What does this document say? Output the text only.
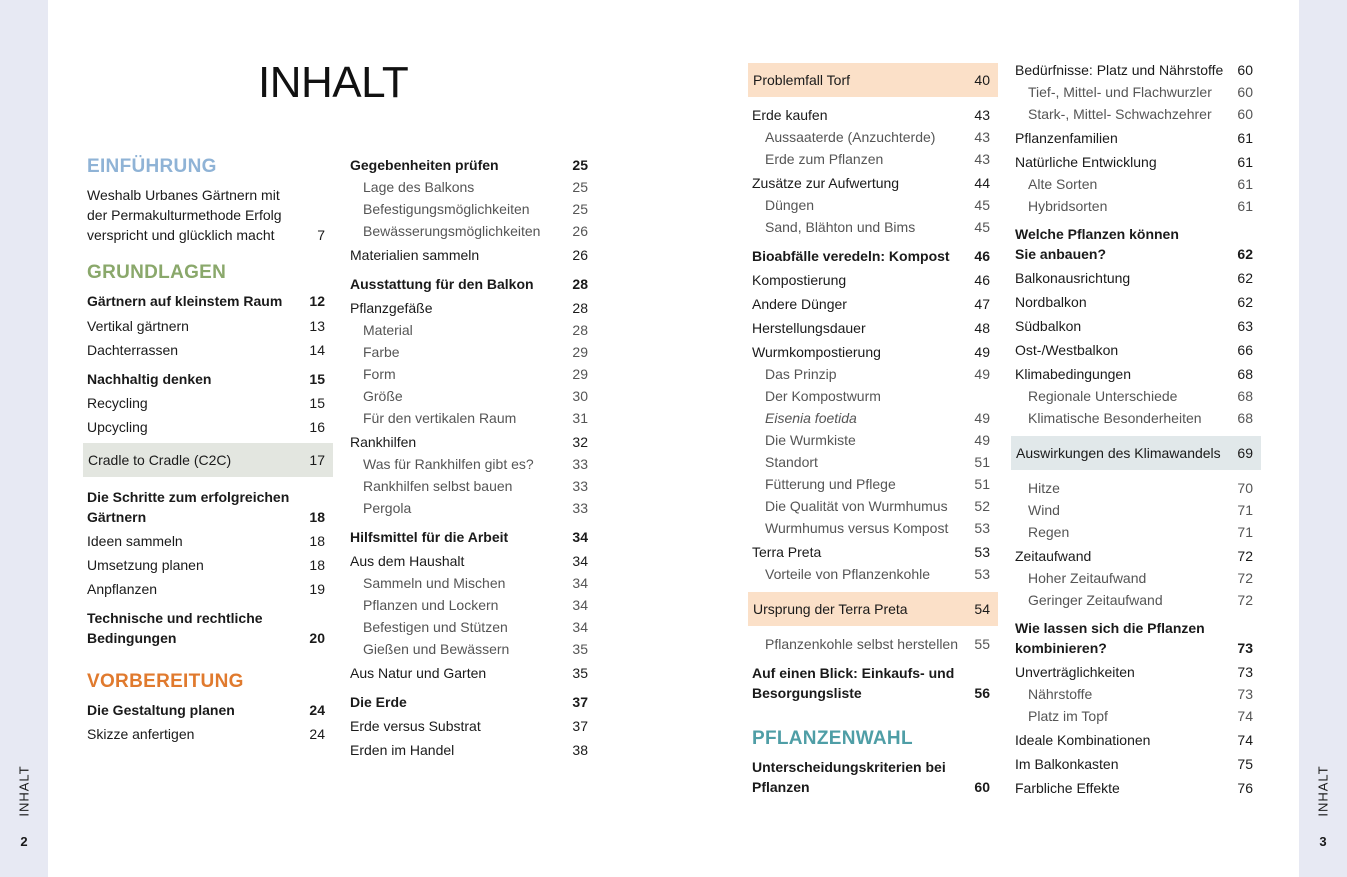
INHALT
2
INHALT
3
INHALT
EINFÜHRUNG
Weshalb Urbanes Gärtnern mit
der Permakulturmethode Erfolg
verspricht und glücklich macht	7
GRUNDLAGEN
Gärtnern auf kleinstem Raum	12
Vertikal gärtnern	13
Dachterrassen	14
Nachhaltig denken	15
Recycling	15
Upcycling	16
Cradle to Cradle (C2C)	17
Die Schritte zum erfolgreichen
Gärtnern	18
Ideen sammeln	18
Umsetzung planen	18
Anpflanzen	19
Technische und rechtliche
Bedingungen	20
VORBEREITUNG
Die Gestaltung planen	24
Skizze anfertigen	24
Gegebenheiten prüfen	25
Lage des Balkons	25
Befestigungsmöglichkeiten	25
Bewässerungsmöglichkeiten	26
Materialien sammeln	26
Ausstattung für den Balkon	28
Pflanzgefäße	28
Material	28
Farbe	29
Form	29
Größe	30
Für den vertikalen Raum	31
Rankhilfen	32
Was für Rankhilfen gibt es?	33
Rankhilfen selbst bauen	33
Pergola	33
Hilfsmittel für die Arbeit	34
Aus dem Haushalt	34
Sammeln und Mischen	34
Pflanzen und Lockern	34
Befestigen und Stützen	34
Gießen und Bewässern	35
Aus Natur und Garten	35
Die Erde	37
Erde versus Substrat	37
Erden im Handel	38
Problemfall Torf	40
Erde kaufen	43
Aussaaterde (Anzuchterde)	43
Erde zum Pflanzen	43
Zusätze zur Aufwertung	44
Düngen	45
Sand, Blähton und Bims	45
Bioabfälle veredeln: Kompost	46
Kompostierung	46
Andere Dünger	47
Herstellungsdauer	48
Wurmkompostierung	49
Das Prinzip	49
Der Kompostwurm
Eisenia foetida	49
Die Wurmkiste	49
Standort	51
Fütterung und Pflege	51
Die Qualität von Wurmhumus	52
Wurmhumus versus Kompost	53
Terra Preta	53
Vorteile von Pflanzenkohle	53
Ursprung der Terra Preta	54
Pflanzenkohle selbst herstellen	55
Auf einen Blick: Einkaufs- und
Besorgungsliste	56
PFLANZENWAHL
Unterscheidungskriterien bei
Pflanzen	60
Bedürfnisse: Platz und Nährstoffe	60
Tief-, Mittel- und Flachwurzler	60
Stark-, Mittel- Schwachzehrer	60
Pflanzenfamilien	61
Natürliche Entwicklung	61
Alte Sorten	61
Hybridsorten	61
Welche Pflanzen können
Sie anbauen?	62
Balkonausrichtung	62
Nordbalkon	62
Südbalkon	63
Ost-/Westbalkon	66
Klimabedingungen	68
Regionale Unterschiede	68
Klimatische Besonderheiten	68
Auswirkungen des Klimawandels	69
Hitze	70
Wind	71
Regen	71
Zeitaufwand	72
Hoher Zeitaufwand	72
Geringer Zeitaufwand	72
Wie lassen sich die Pflanzen
kombinieren?	73
Unverträglichkeiten	73
Nährstoffe	73
Platz im Topf	74
Ideale Kombinationen	74
Im Balkonkasten	75
Farbliche Effekte	76
